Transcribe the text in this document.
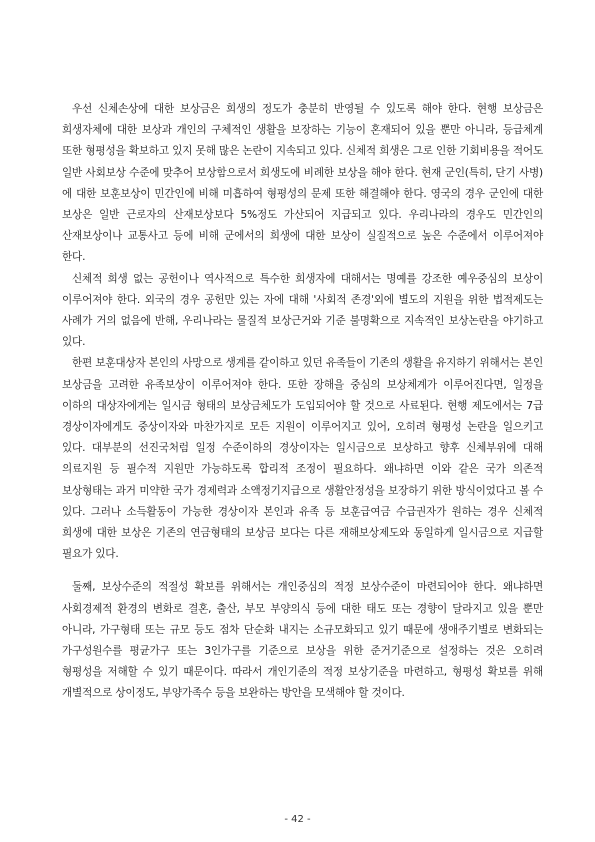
우선 신체손상에 대한 보상금은 희생의 정도가 충분히 반영될 수 있도록 해야 한다. 현행 보상금은 희생자체에 대한 보상과 개인의 구체적인 생활을 보장하는 기능이 혼재되어 있을 뿐만 아니라, 등급체계 또한 형평성을 확보하고 있지 못해 많은 논란이 지속되고 있다. 신체적 희생은 그로 인한 기회비용을 적어도 일반 사회보상 수준에 맞추어 보상함으로서 희생도에 비례한 보상을 해야 한다. 현재 군인(특히, 단기 사병)에 대한 보훈보상이 민간인에 비해 미흡하여 형평성의 문제 또한 해결해야 한다. 영국의 경우 군인에 대한 보상은 일반 근로자의 산재보상보다 5%정도 가산되어 지급되고 있다. 우리나라의 경우도 민간인의 산재보상이나 교통사고 등에 비해 군에서의 희생에 대한 보상이 실질적으로 높은 수준에서 이루어져야 한다.

신체적 희생 없는 공헌이나 역사적으로 특수한 희생자에 대해서는 명예를 강조한 예우중심의 보상이 이루어져야 한다. 외국의 경우 공헌만 있는 자에 대해 '사회적 존경'외에 별도의 지원을 위한 법적제도는 사례가 거의 없음에 반해, 우리나라는 물질적 보상근거와 기준 불명확으로 지속적인 보상논란을 야기하고 있다.

한편 보훈대상자 본인의 사망으로 생계를 같이하고 있던 유족들이 기존의 생활을 유지하기 위해서는 본인 보상금을 고려한 유족보상이 이루어져야 한다. 또한 장해을 중심의 보상체계가 이루어진다면, 일정을 이하의 대상자에게는 일시금 형태의 보상금체도가 도입되어야 할 것으로 사료된다. 현행 제도에서는 7급 경상이자에게도 중상이자와 마찬가지로 모든 지원이 이루어지고 있어, 오히려 형평성 논란을 일으키고 있다. 대부분의 선진국처럼 일정 수준이하의 경상이자는 일시금으로 보상하고 향후 신체부위에 대해 의료지원 등 필수적 지원만 가능하도록 합리적 조정이 필요하다. 왜냐하면 이와 같은 국가 의존적 보상형태는 과거 미약한 국가 경제력과 소액정기지급으로 생활안정성을 보장하기 위한 방식이었다고 볼 수 있다. 그러나 소득활동이 가능한 경상이자 본인과 유족 등 보훈급여금 수급권자가 원하는 경우 신체적 희생에 대한 보상은 기존의 연금형태의 보상금 보다는 다른 재해보상제도와 동일하게 일시금으로 지급할 필요가 있다.

둘째, 보상수준의 적절성 확보를 위해서는 개인중심의 적정 보상수준이 마련되어야 한다. 왜냐하면 사회경제적 환경의 변화로 결혼, 출산, 부모 부양의식 등에 대한 태도 또는 경향이 달라지고 있을 뿐만 아니라, 가구형태 또는 규모 등도 점차 단순화 내지는 소규모화되고 있기 때문에 생애주기별로 변화되는 가구성원수를 평균가구 또는 3인가구를 기준으로 보상을 위한 준거기준으로 설정하는 것은 오히려 형평성을 저해할 수 있기 때문이다. 따라서 개인기준의 적정 보상기준을 마련하고, 형평성 확보를 위해 개별적으로 상이정도, 부양가족수 등을 보완하는 방안을 모색해야 할 것이다.

- 42 -
